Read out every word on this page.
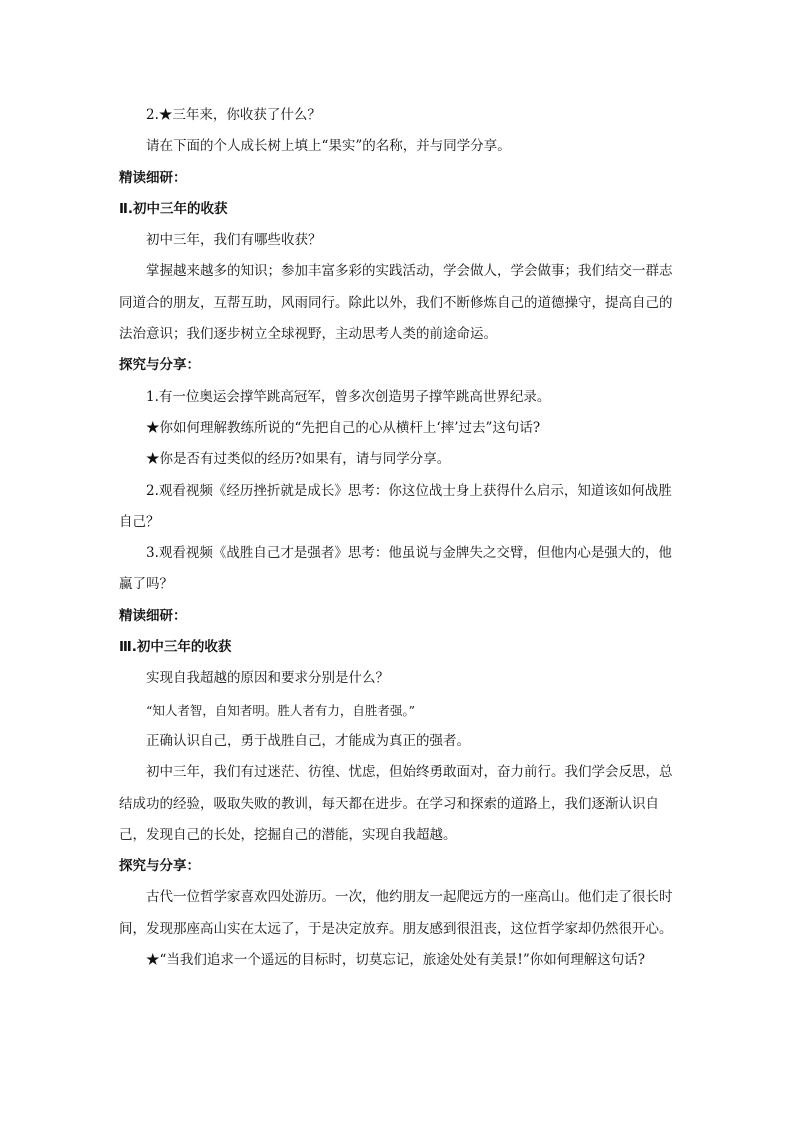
2.★三年来，你收获了什么？
请在下面的个人成长树上填上“果实”的名称，并与同学分享。
精读细研：
Ⅱ.初中三年的收获
初中三年，我们有哪些收获？
掌握越来越多的知识；参加丰富多彩的实践活动，学会做人，学会做事；我们结交一群志同道合的朋友，互帮互助，风雨同行。除此以外，我们不断修炼自己的道德操守，提高自己的法治意识；我们逐步树立全球视野，主动思考人类的前途命运。
探究与分享：
1.有一位奥运会撑竿跳高冠军，曾多次创造男子撑竿跳高世界纪录。
★你如何理解教练所说的“先把自己的心从横杆上‘摔’过去”这句话?
★你是否有过类似的经历?如果有，请与同学分享。
2.观看视频《经历挫折就是成长》思考：你这位战士身上获得什么启示，知道该如何战胜自己？
3.观看视频《战胜自己才是强者》思考：他虽说与金牌失之交臂，但他内心是强大的，他赢了吗？
精读细研：
Ⅲ.初中三年的收获
实现自我超越的原因和要求分别是什么？
“知人者智，自知者明。胜人者有力，自胜者强。”
正确认识自己，勇于战胜自己，才能成为真正的强者。
初中三年，我们有过迷茫、彷徨、忧虑，但始终勇敢面对，奋力前行。我们学会反思，总结成功的经验，吸取失败的教训，每天都在进步。在学习和探索的道路上，我们逐渐认识自己，发现自己的长处，挖掘自己的潜能，实现自我超越。
探究与分享：
古代一位哲学家喜欢四处游历。一次，他约朋友一起爬远方的一座高山。他们走了很长时间，发现那座高山实在太远了，于是决定放弃。朋友感到很沮丧，这位哲学家却仍然很开心。
★“当我们追求一个遥远的目标时，切莫忘记，旅途处处有美景!”你如何理解这句话?
